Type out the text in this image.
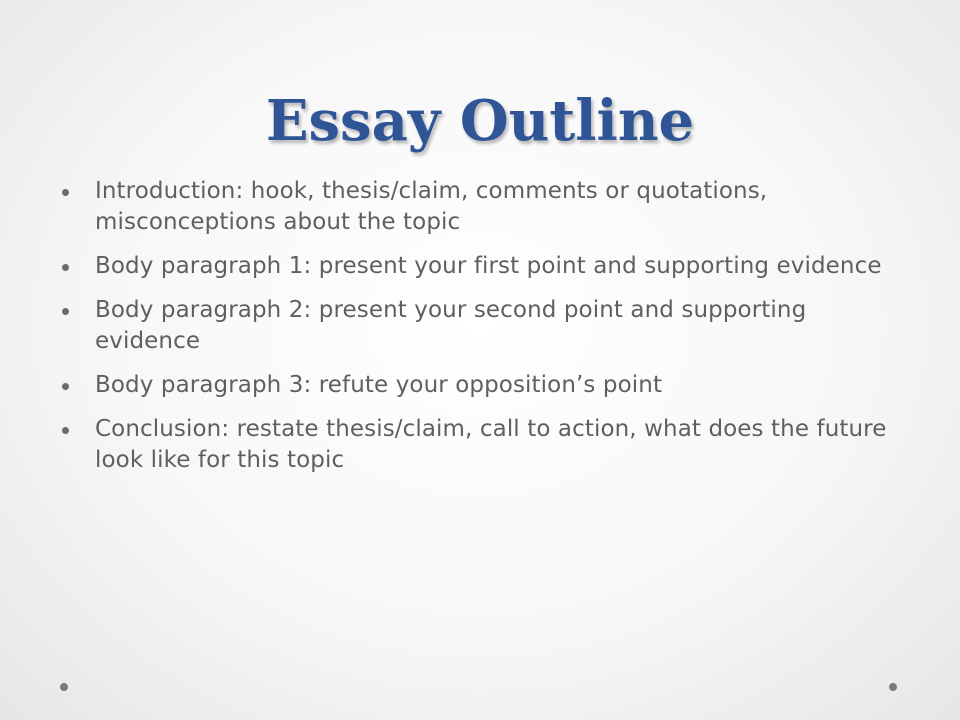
Essay Outline
Introduction: hook, thesis/claim, comments or quotations, misconceptions about the topic
Body paragraph 1: present your first point and supporting evidence
Body paragraph 2: present your second point and supporting evidence
Body paragraph 3: refute your opposition’s point
Conclusion: restate thesis/claim, call to action, what does the future look like for this topic
